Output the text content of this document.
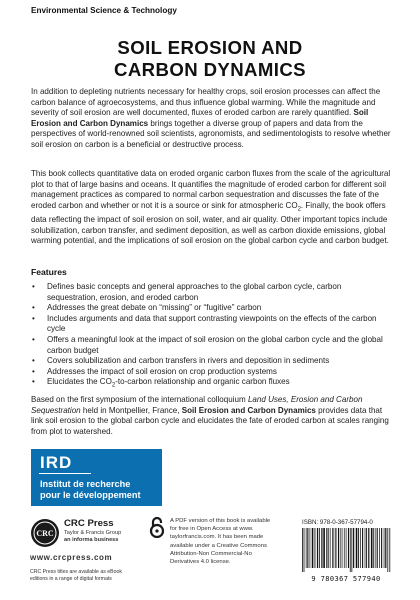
Environmental Science & Technology
SOIL EROSION AND
CARBON DYNAMICS
In addition to depleting nutrients necessary for healthy crops, soil erosion processes can affect the carbon balance of agroecosystems, and thus influence global warming. While the magnitude and severity of soil erosion are well documented, fluxes of eroded carbon are rarely quantified. Soil Erosion and Carbon Dynamics brings together a diverse group of papers and data from the perspectives of world-renowned soil scientists, agronomists, and sedimentologists to resolve whether soil erosion on carbon is a beneficial or destructive process.
This book collects quantitative data on eroded organic carbon fluxes from the scale of the agricultural plot to that of large basins and oceans. It quantifies the magnitude of eroded carbon for different soil management practices as compared to normal carbon sequestration and discusses the fate of the eroded carbon and whether or not it is a source or sink for atmospheric $CO_2$. Finally, the book offers data reflecting the impact of soil erosion on soil, water, and air quality. Other important topics include solubilization, carbon transfer, and sediment deposition, as well as carbon dioxide emissions, global warming potential, and the implications of soil erosion on the global carbon cycle and carbon budget.
Features
• Defines basic concepts and general approaches to the global carbon cycle, carbon sequestration, erosion, and eroded carbon
• Addresses the great debate on “missing” or “fugitive” carbon
• Includes arguments and data that support contrasting viewpoints on the effects of the carbon cycle
• Offers a meaningful look at the impact of soil erosion on the global carbon cycle and the global carbon budget
• Covers solubilization and carbon transfers in rivers and deposition in sediments
• Addresses the impact of soil erosion on crop production systems
• Elucidates the $CO_2-to$-carbon relationship and organic carbon fluxes
Based on the first symposium of the international colloquium Land Uses, Erosion and Carbon Sequestration held in Montpellier, France, Soil Erosion and Carbon Dynamics provides data that link soil erosion to the global carbon cycle and elucidates the fate of eroded carbon at scales ranging from plot to watershed.
IRD
Institut de recherche
pour le développement
CRC
CRC Press
Taylor & Francis Group
an informa business
www.crcpress.com
CRC Press titles are available as eBook editions in a range of digital formats
A PDF version of this book is available for free in Open Access at www. taylorfrancis.com. It has been made available under a Creative Commons Attribution-Non Commercial-No Derivatives 4.0 license.
ISBN: 978-0-367-57794-0
9 780367 577940
